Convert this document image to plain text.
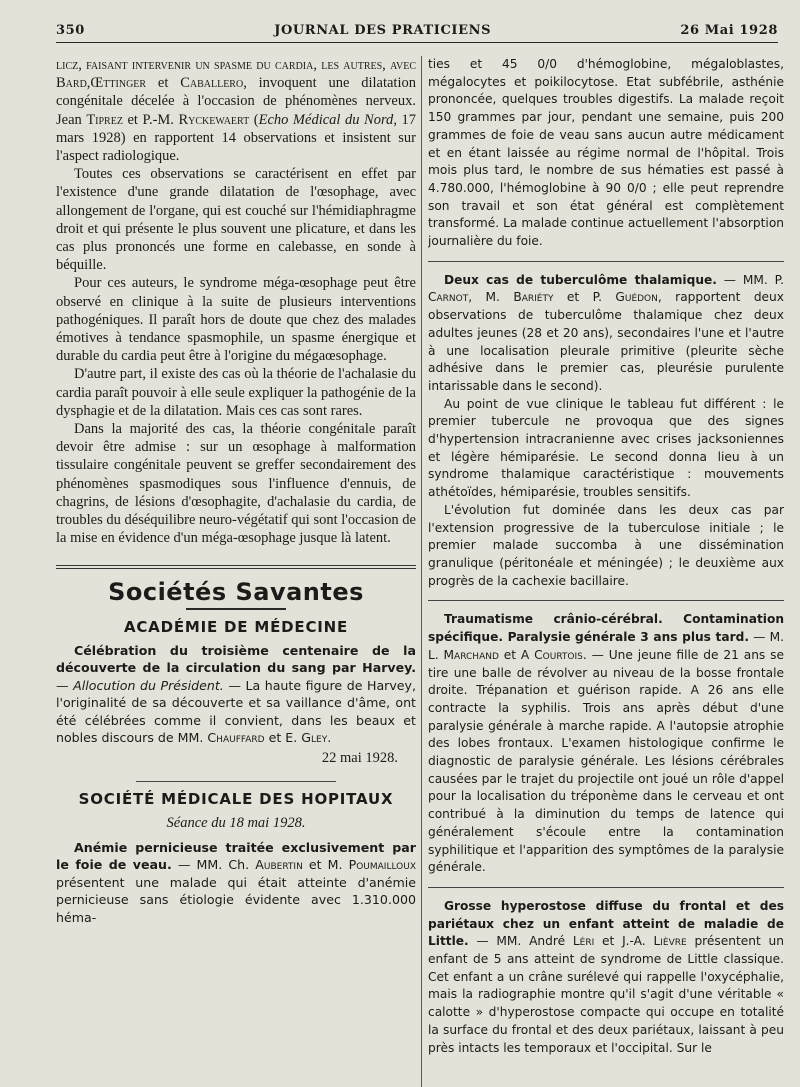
350	JOURNAL DES PRATICIENS	26 Mai 1928

licz, faisant intervenir un spasme du cardia, les autres, avec Bard,Œttinger et Caballero, invoquent une dilatation congénitale décelée à l'occasion de phénomènes nerveux. Jean Tiprez et P.-M. Ryckewaert (Echo Médical du Nord, 17 mars 1928) en rapportent 14 observations et insistent sur l'aspect radiologique.

Toutes ces observations se caractérisent en effet par l'existence d'une grande dilatation de l'œsophage, avec allongement de l'organe, qui est couché sur l'hémidiaphragme droit et qui présente le plus souvent une plicature, et dans les cas plus prononcés une forme en calebasse, en sonde à béquille.

Pour ces auteurs, le syndrome méga-œsophage peut être observé en clinique à la suite de plusieurs interventions pathogéniques. Il paraît hors de doute que chez des malades émotives à tendance spasmophile, un spasme énergique et durable du cardia peut être à l'origine du mégaœsophage.

D'autre part, il existe des cas où la théorie de l'achalasie du cardia paraît pouvoir à elle seule expliquer la pathogénie de la dysphagie et de la dilatation. Mais ces cas sont rares.

Dans la majorité des cas, la théorie congénitale paraît devoir être admise : sur un œsophage à malformation tissulaire congénitale peuvent se greffer secondairement des phénomènes spasmodiques sous l'influence d'ennuis, de chagrins, de lésions d'œsophagite, d'achalasie du cardia, de troubles du déséquilibre neuro-végétatif qui sont l'occasion de la mise en évidence d'un méga-œsophage jusque là latent.

Sociétés Savantes
ACADÉMIE DE MÉDECINE

Célébration du troisième centenaire de la découverte de la circulation du sang par Harvey. — Allocution du Président. — La haute figure de Harvey, l'originalité de sa découverte et sa vaillance d'âme, ont été célébrées comme il convient, dans les beaux et nobles discours de MM. Chauffard et E. Gley.

22 mai 1928.
SOCIÉTÉ MÉDICALE DES HOPITAUX
Séance du 18 mai 1928.

Anémie pernicieuse traitée exclusivement par le foie de veau. — MM. Ch. Aubertin et M. Poumailloux présentent une malade qui était atteinte d'anémie pernicieuse sans étiologie évidente avec 1.310.000 héma-

ties et 45 0/0 d'hémoglobine, mégaloblastes, mégalocytes et poikilocytose. Etat subfébrile, asthénie prononcée, quelques troubles digestifs. La malade reçoit 150 grammes par jour, pendant une semaine, puis 200 grammes de foie de veau sans aucun autre médicament et en étant laissée au régime normal de l'hôpital. Trois mois plus tard, le nombre de sus hématies est passé à 4.780.000, l'hémoglobine à 90 0/0 ; elle peut reprendre son travail et son état général est complètement transformé. La malade continue actuellement l'absorption journalière du foie.

Deux cas de tuberculôme thalamique. — MM. P. Carnot, M. Bariéty et P. Guédon, rapportent deux observations de tuberculôme thalamique chez deux adultes jeunes (28 et 20 ans), secondaires l'une et l'autre à une localisation pleurale primitive (pleurite sèche adhésive dans le premier cas, pleurésie purulente intarissable dans le second).

Au point de vue clinique le tableau fut différent : le premier tubercule ne provoqua que des signes d'hypertension intracranienne avec crises jacksoniennes et légère hémiparésie. Le second donna lieu à un syndrome thalamique caractéristique : mouvements athétoïdes, hémiparésie, troubles sensitifs.

L'évolution fut dominée dans les deux cas par l'extension progressive de la tuberculose initiale ; le premier malade succomba à une dissémination granulique (péritonéale et méningée) ; le deuxième aux progrès de la cachexie bacillaire.

Traumatisme crânio-cérébral. Contamination spécifique. Paralysie générale 3 ans plus tard. — M. L. Marchand et A Courtois. — Une jeune fille de 21 ans se tire une balle de révolver au niveau de la bosse frontale droite. Trépanation et guérison rapide. A 26 ans elle contracte la syphilis. Trois ans après début d'une paralysie générale à marche rapide. A l'autopsie atrophie des lobes frontaux. L'examen histologique confirme le diagnostic de paralysie générale. Les lésions cérébrales causées par le trajet du projectile ont joué un rôle d'appel pour la localisation du tréponème dans le cerveau et ont contribué à la diminution du temps de latence qui généralement s'écoule entre la contamination syphilitique et l'apparition des symptômes de la paralysie générale.

Grosse hyperostose diffuse du frontal et des pariétaux chez un enfant atteint de maladie de Little. — MM. André Léri et J.-A. Lièvre présentent un enfant de 5 ans atteint de syndrome de Little classique. Cet enfant a un crâne surélevé qui rappelle l'oxycéphalie, mais la radiographie montre qu'il s'agit d'une véritable « calotte » d'hyperostose compacte qui occupe en totalité la surface du frontal et des deux pariétaux, laissant à peu près intacts les temporaux et l'occipital. Sur le
